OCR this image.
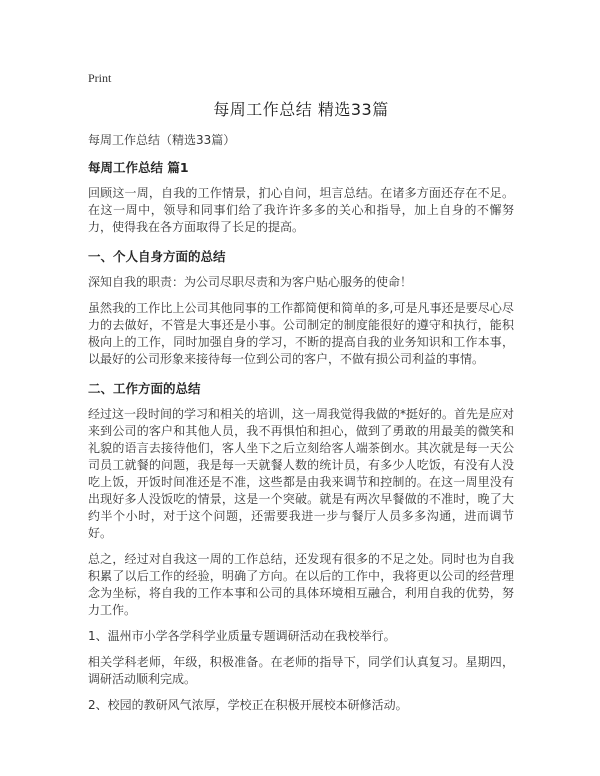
Print
每周工作总结 精选33篇

每周工作总结（精选33篇）

每周工作总结 篇1

回顾这一周，自我的工作情景，扪心自问，坦言总结。在诸多方面还存在不足。在这一周中，领导和同事们给了我许许多多的关心和指导，加上自身的不懈努力，使得我在各方面取得了长足的提高。

一、个人自身方面的总结

深知自我的职责：为公司尽职尽责和为客户贴心服务的使命！

虽然我的工作比上公司其他同事的工作都简便和简单的多,可是凡事还是要尽心尽力的去做好，不管是大事还是小事。公司制定的制度能很好的遵守和执行，能积极向上的工作，同时加强自身的学习，不断的提高自我的业务知识和工作本事，以最好的公司形象来接待每一位到公司的客户，不做有损公司利益的事情。

二、工作方面的总结

经过这一段时间的学习和相关的培训，这一周我觉得我做的*挺好的。首先是应对来到公司的客户和其他人员，我不再惧怕和担心，做到了勇敢的用最美的微笑和礼貌的语言去接待他们，客人坐下之后立刻给客人端茶倒水。其次就是每一天公司员工就餐的问题，我是每一天就餐人数的统计员，有多少人吃饭，有没有人没吃上饭，开饭时间准还是不准，这些都是由我来调节和控制的。在这一周里没有出现好多人没饭吃的情景，这是一个突破。就是有两次早餐做的不准时，晚了大约半个小时，对于这个问题，还需要我进一步与餐厅人员多多沟通，进而调节好。

总之，经过对自我这一周的工作总结，还发现有很多的不足之处。同时也为自我积累了以后工作的经验，明确了方向。在以后的工作中，我将更以公司的经营理念为坐标，将自我的工作本事和公司的具体环境相互融合，利用自我的优势，努力工作。

1、温州市小学各学科学业质量专题调研活动在我校举行。

相关学科老师，年级，积极准备。在老师的指导下，同学们认真复习。星期四，调研活动顺利完成。

2、校园的教研风气浓厚，学校正在积极开展校本研修活动。
